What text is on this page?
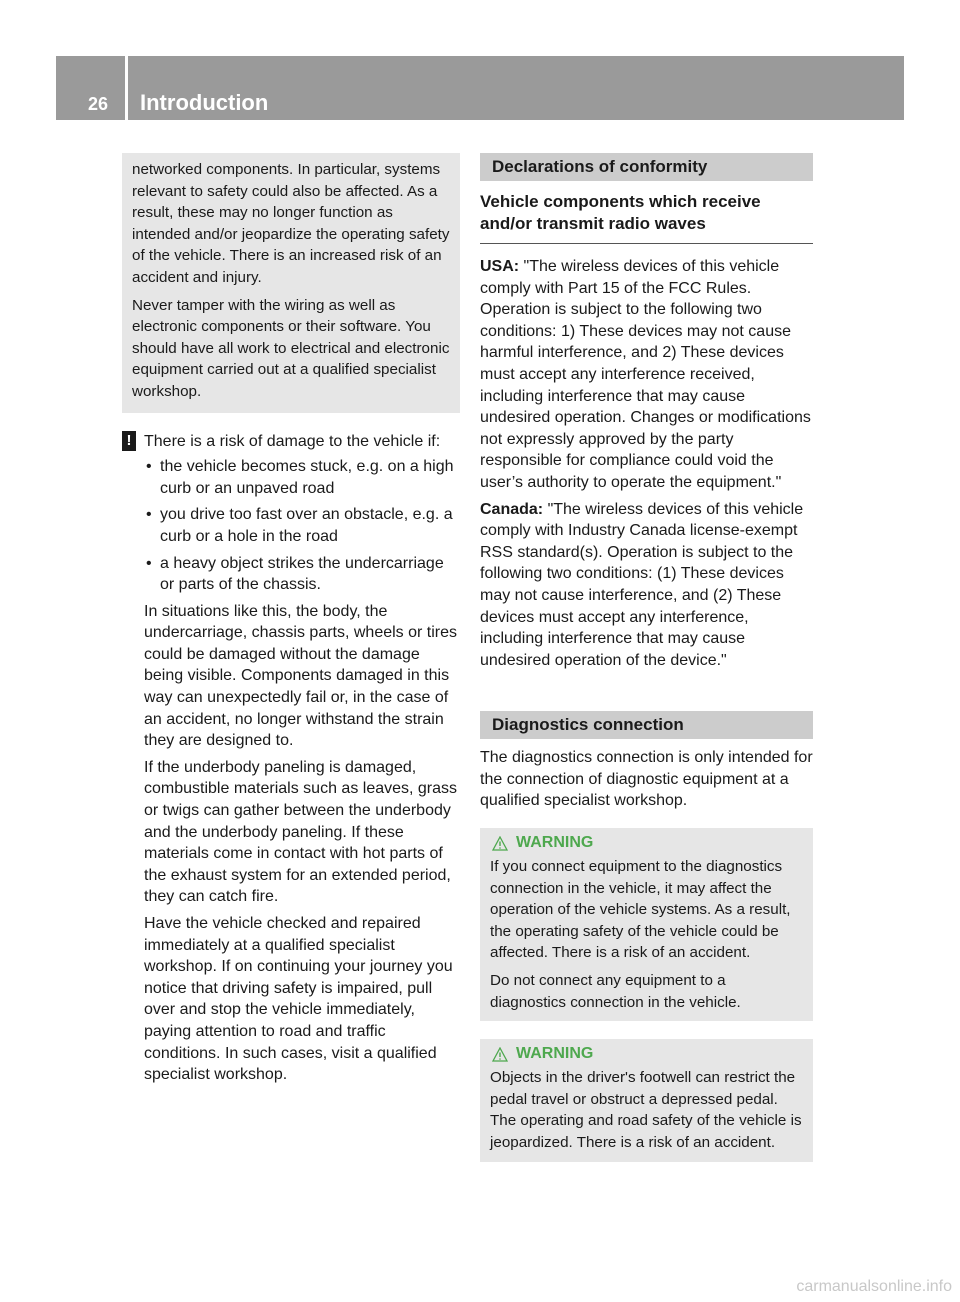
26 Introduction

networked components. In particular, systems relevant to safety could also be affected. As a result, these may no longer function as intended and/or jeopardize the operating safety of the vehicle. There is an increased risk of an accident and injury.

Never tamper with the wiring as well as electronic components or their software. You should have all work to electrical and electronic equipment carried out at a qualified specialist workshop.

! There is a risk of damage to the vehicle if:
• the vehicle becomes stuck, e.g. on a high curb or an unpaved road
• you drive too fast over an obstacle, e.g. a curb or a hole in the road
• a heavy object strikes the undercarriage or parts of the chassis.

In situations like this, the body, the undercarriage, chassis parts, wheels or tires could be damaged without the damage being visible. Components damaged in this way can unexpectedly fail or, in the case of an accident, no longer withstand the strain they are designed to.

If the underbody paneling is damaged, combustible materials such as leaves, grass or twigs can gather between the underbody and the underbody paneling. If these materials come in contact with hot parts of the exhaust system for an extended period, they can catch fire.

Have the vehicle checked and repaired immediately at a qualified specialist workshop. If on continuing your journey you notice that driving safety is impaired, pull over and stop the vehicle immediately, paying attention to road and traffic conditions. In such cases, visit a qualified specialist workshop.

Declarations of conformity
Vehicle components which receive and/or transmit radio waves

USA: "The wireless devices of this vehicle comply with Part 15 of the FCC Rules. Operation is subject to the following two conditions: 1) These devices may not cause harmful interference, and 2) These devices must accept any interference received, including interference that may cause undesired operation. Changes or modifications not expressly approved by the party responsible for compliance could void the user’s authority to operate the equipment."

Canada: "The wireless devices of this vehicle comply with Industry Canada license-exempt RSS standard(s). Operation is subject to the following two conditions: (1) These devices may not cause interference, and (2) These devices must accept any interference, including interference that may cause undesired operation of the device."

Diagnostics connection

The diagnostics connection is only intended for the connection of diagnostic equipment at a qualified specialist workshop.

WARNING

If you connect equipment to the diagnostics connection in the vehicle, it may affect the operation of the vehicle systems. As a result, the operating safety of the vehicle could be affected. There is a risk of an accident.

Do not connect any equipment to a diagnostics connection in the vehicle.

WARNING

Objects in the driver's footwell can restrict the pedal travel or obstruct a depressed pedal. The operating and road safety of the vehicle is jeopardized. There is a risk of an accident.

carmanualsonline.info
